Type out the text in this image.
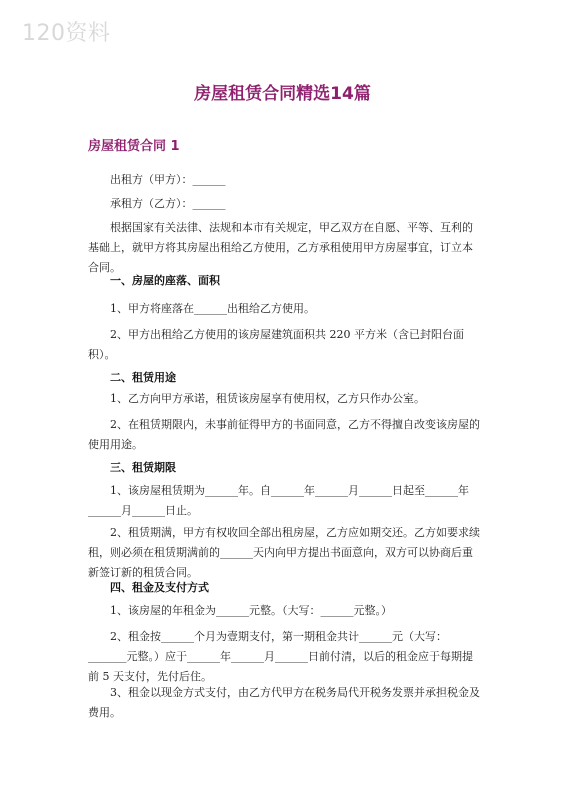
120资料
房屋租赁合同精选14篇
房屋租赁合同 1

出租方（甲方）：______

承租方（乙方）：______

根据国家有关法律、法规和本市有关规定，甲乙双方在自愿、平等、互利的基础上，就甲方将其房屋出租给乙方使用，乙方承租使用甲方房屋事宜，订立本合同。

一、房屋的座落、面积

1、甲方将座落在______出租给乙方使用。

2、甲方出租给乙方使用的该房屋建筑面积共 220 平方米（含已封阳台面积）。

二、租赁用途

1、乙方向甲方承诺，租赁该房屋享有使用权，乙方只作办公室。

2、在租赁期限内，未事前征得甲方的书面同意，乙方不得擅自改变该房屋的使用用途。

三、租赁期限

1、该房屋租赁期为______年。自______年______月______日起至______年______月______日止。

2、租赁期满，甲方有权收回全部出租房屋，乙方应如期交还。乙方如要求续租，则必须在租赁期满前的______天内向甲方提出书面意向，双方可以协商后重新签订新的租赁合同。

四、租金及支付方式

1、该房屋的年租金为______元整。（大写：______元整。）

2、租金按______个月为壹期支付，第一期租金共计______元（大写：_______元整。）应于______年______月______日前付清，以后的租金应于每期提前 5 天支付，先付后住。

3、租金以现金方式支付，由乙方代甲方在税务局代开税务发票并承担税金及费用。
